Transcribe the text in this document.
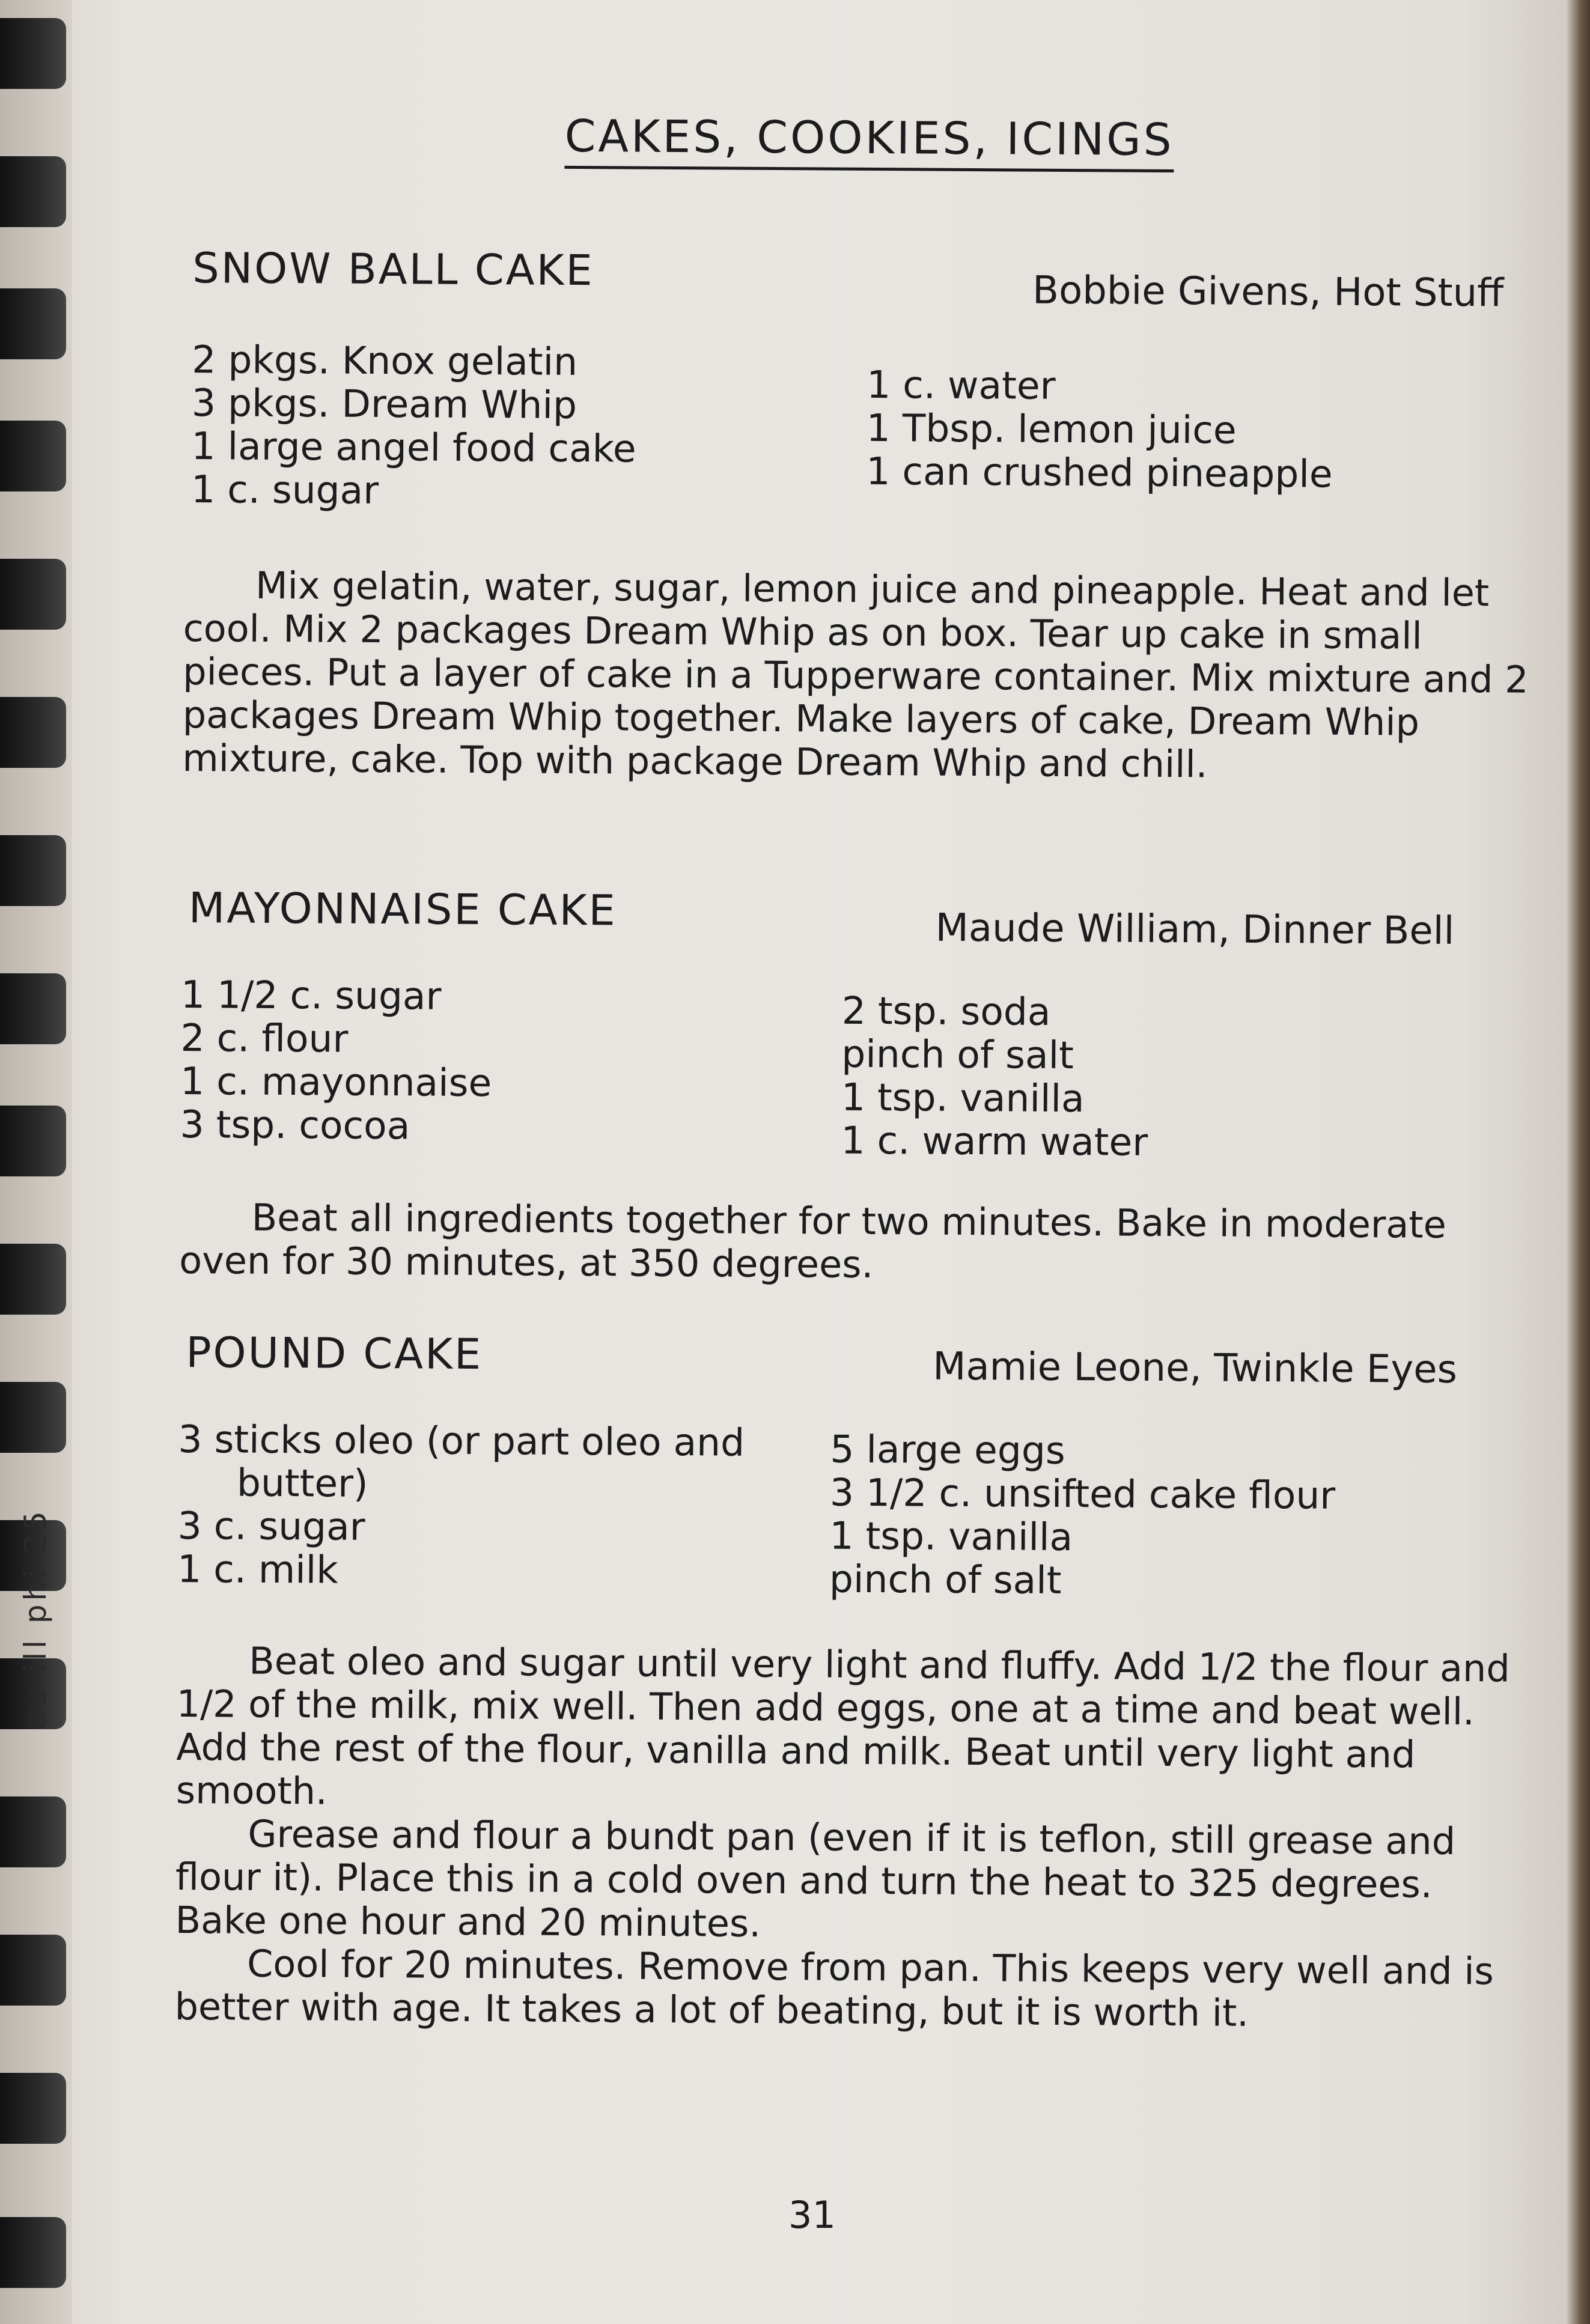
eu ill phi 25
CAKES, COOKIES, ICINGS
SNOW BALL CAKE	Bobbie Givens, Hot Stuff
2 pkgs. Knox gelatin
3 pkgs. Dream Whip
1 large angel food cake
1 c. sugar
1 c. water
1 Tbsp. lemon juice
1 can crushed pineapple

Mix gelatin, water, sugar, lemon juice and pineapple. Heat and let cool. Mix 2 packages Dream Whip as on box. Tear up cake in small pieces. Put a layer of cake in a Tupperware container. Mix mixture and 2 packages Dream Whip together. Make layers of cake, Dream Whip mixture, cake. Top with package Dream Whip and chill.

MAYONNAISE CAKE	Maude William, Dinner Bell
1 1/2 c. sugar
2 c. flour
1 c. mayonnaise
3 tsp. cocoa
2 tsp. soda
pinch of salt
1 tsp. vanilla
1 c. warm water

Beat all ingredients together for two minutes. Bake in moderate oven for 30 minutes, at 350 degrees.

POUND CAKE	Mamie Leone, Twinkle Eyes
3 sticks oleo (or part oleo and
butter)
3 c. sugar
1 c. milk
5 large eggs
3 1/2 c. unsifted cake flour
1 tsp. vanilla
pinch of salt

Beat oleo and sugar until very light and fluffy. Add 1/2 the flour and 1/2 of the milk, mix well. Then add eggs, one at a time and beat well. Add the rest of the flour, vanilla and milk. Beat until very light and smooth.

Grease and flour a bundt pan (even if it is teflon, still grease and flour it). Place this in a cold oven and turn the heat to 325 degrees. Bake one hour and 20 minutes.

Cool for 20 minutes. Remove from pan. This keeps very well and is better with age. It takes a lot of beating, but it is worth it.

31
